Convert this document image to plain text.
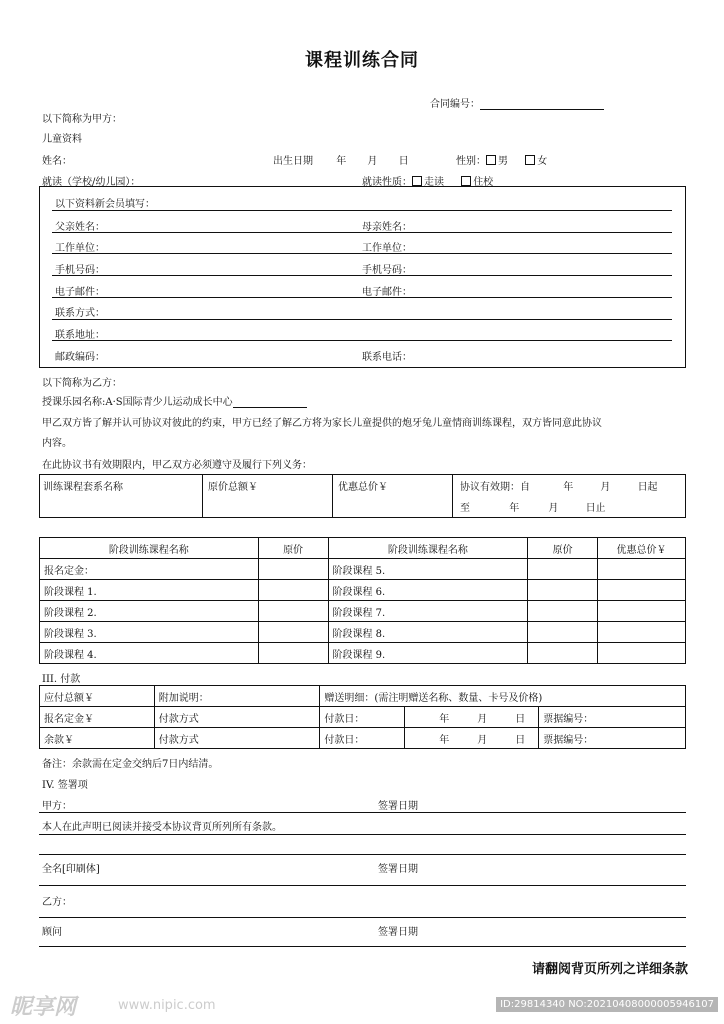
课程训练合同
合同编号：
以下简称为甲方：
儿童资料
姓名：	出生日期 年 月 日	性别： 男	女
就读（学校/幼儿园）：	就读性质： 走读	住校
以下资料新会员填写：
父亲姓名：	母亲姓名：
工作单位：	工作单位：
手机号码：	手机号码：
电子邮件：	电子邮件：
联系方式：
联系地址：
邮政编码：	联系电话：
以下简称为乙方：
授课乐园名称:A·S国际青少儿运动成长中心
甲乙双方皆了解并认可协议对彼此的约束，甲方已经了解乙方将为家长儿童提供的炮牙兔儿童情商训练课程，双方皆同意此协议
内容。
在此协议书有效期限内，甲乙双方必须遵守及履行下列义务：
训练课程套系名称	原价总额￥	优惠总价￥	协议有效期：自	年	月	日起
至	年	月	日止
阶段训练课程名称	原价	阶段训练课程名称	原价	优惠总价￥
报名定金：		阶段课程 5.		
阶段课程 1.		阶段课程 6.		
阶段课程 2.		阶段课程 7.		
阶段课程 3.		阶段课程 8.		
阶段课程 4.		阶段课程 9.		
III. 付款
应付总额￥	附加说明：	赠送明细：(需注明赠送名称、数量、卡号及价格)		
报名定金￥	付款方式	付款日：	年 月 日	票据编号：
余款￥	付款方式	付款日：	年 月 日	票据编号：
备注：余款需在定金交纳后7日内结清。
IV. 签署项
甲方：	签署日期
本人在此声明已阅读并接受本协议背页所列所有条款。
全名[印刷体]	签署日期
乙方：
顾问	签署日期
请翻阅背页所列之详细条款
昵享网	www.nipic.com	ID:29814340 NO:20210408000005946107
